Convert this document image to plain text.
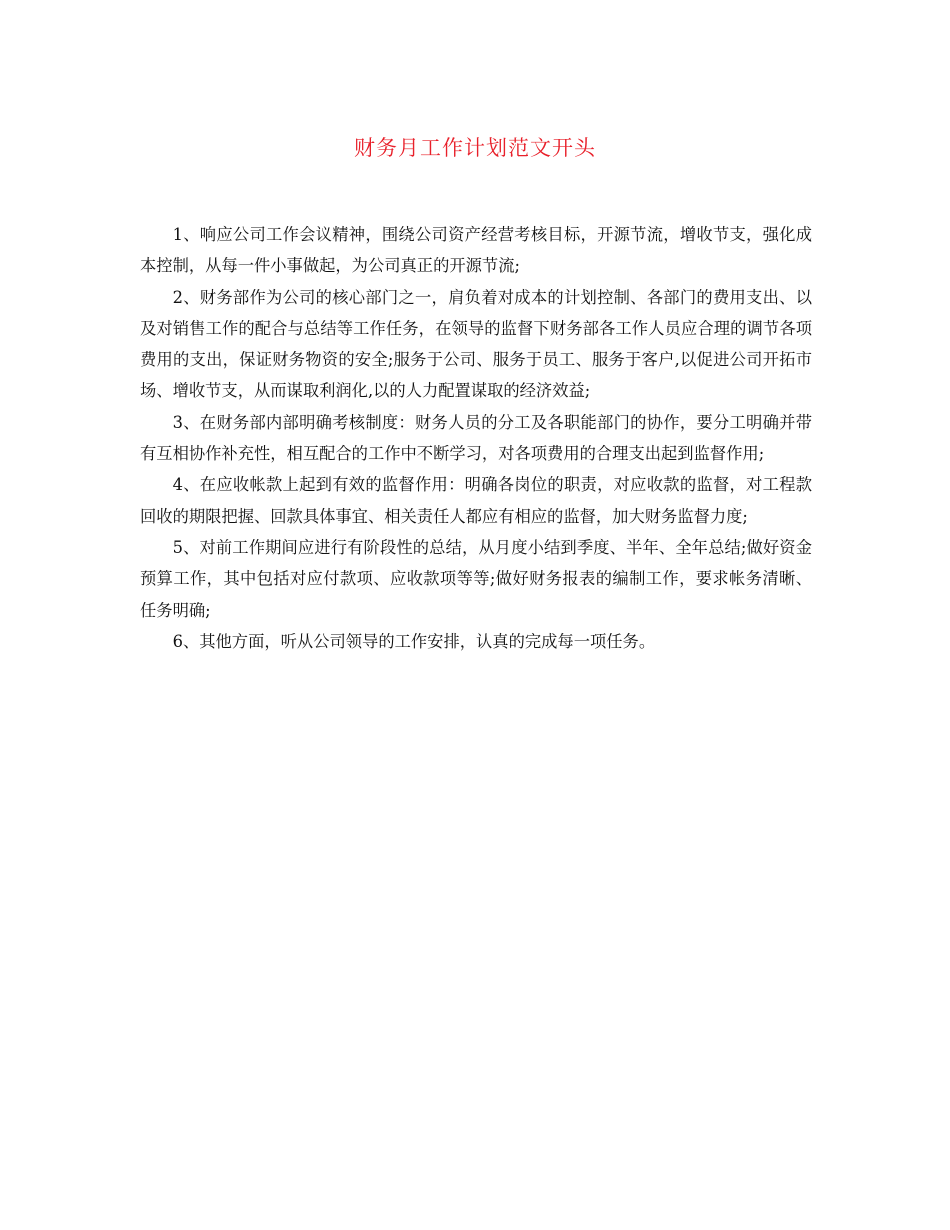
财务月工作计划范文开头

1、响应公司工作会议精神，围绕公司资产经营考核目标，开源节流，增收节支，强化成本控制，从每一件小事做起，为公司真正的开源节流;

2、财务部作为公司的核心部门之一，肩负着对成本的计划控制、各部门的费用支出、以及对销售工作的配合与总结等工作任务，在领导的监督下财务部各工作人员应合理的调节各项费用的支出，保证财务物资的安全;服务于公司、服务于员工、服务于客户,以促进公司开拓市场、增收节支，从而谋取利润化,以的人力配置谋取的经济效益;

3、在财务部内部明确考核制度：财务人员的分工及各职能部门的协作，要分工明确并带有互相协作补充性，相互配合的工作中不断学习，对各项费用的合理支出起到监督作用;

4、在应收帐款上起到有效的监督作用：明确各岗位的职责，对应收款的监督，对工程款回收的期限把握、回款具体事宜、相关责任人都应有相应的监督，加大财务监督力度;

5、对前工作期间应进行有阶段性的总结，从月度小结到季度、半年、全年总结;做好资金预算工作，其中包括对应付款项、应收款项等等;做好财务报表的编制工作，要求帐务清晰、任务明确;

6、其他方面，听从公司领导的工作安排，认真的完成每一项任务。
